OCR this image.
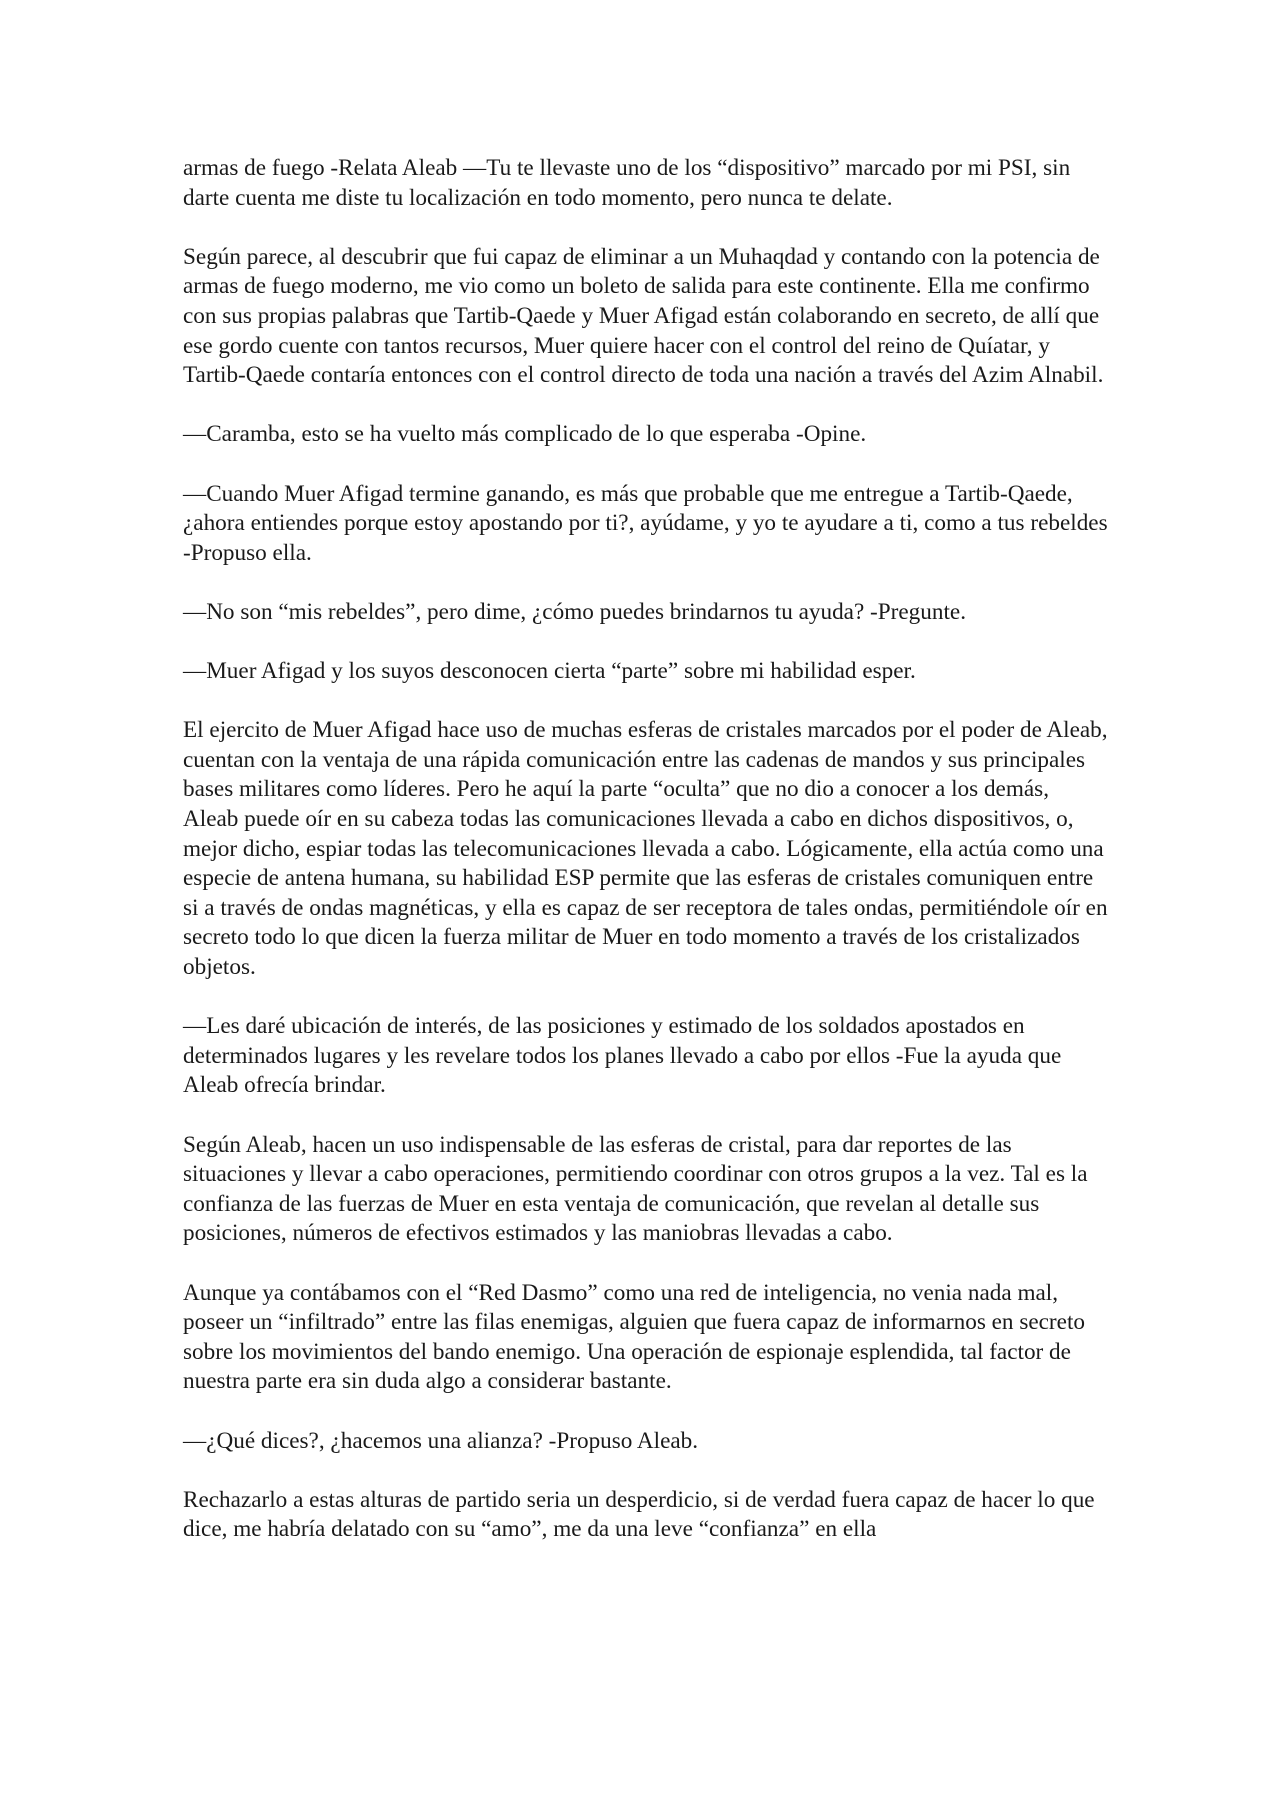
armas de fuego -Relata Aleab —Tu te llevaste uno de los “dispositivo” marcado por mi PSI, sin darte cuenta me diste tu localización en todo momento, pero nunca te delate.

Según parece, al descubrir que fui capaz de eliminar a un Muhaqdad y contando con la potencia de armas de fuego moderno, me vio como un boleto de salida para este continente. Ella me confirmo con sus propias palabras que Tartib-Qaede y Muer Afigad están colaborando en secreto, de allí que ese gordo cuente con tantos recursos, Muer quiere hacer con el control del reino de Quíatar, y Tartib-Qaede contaría entonces con el control directo de toda una nación a través del Azim Alnabil.

—Caramba, esto se ha vuelto más complicado de lo que esperaba -Opine.

—Cuando Muer Afigad termine ganando, es más que probable que me entregue a Tartib-Qaede, ¿ahora entiendes porque estoy apostando por ti?, ayúdame, y yo te ayudare a ti, como a tus rebeldes -Propuso ella.

—No son “mis rebeldes”, pero dime, ¿cómo puedes brindarnos tu ayuda? -Pregunte.

—Muer Afigad y los suyos desconocen cierta “parte” sobre mi habilidad esper.

El ejercito de Muer Afigad hace uso de muchas esferas de cristales marcados por el poder de Aleab, cuentan con la ventaja de una rápida comunicación entre las cadenas de mandos y sus principales bases militares como líderes. Pero he aquí la parte “oculta” que no dio a conocer a los demás, Aleab puede oír en su cabeza todas las comunicaciones llevada a cabo en dichos dispositivos, o, mejor dicho, espiar todas las telecomunicaciones llevada a cabo. Lógicamente, ella actúa como una especie de antena humana, su habilidad ESP permite que las esferas de cristales comuniquen entre si a través de ondas magnéticas, y ella es capaz de ser receptora de tales ondas, permitiéndole oír en secreto todo lo que dicen la fuerza militar de Muer en todo momento a través de los cristalizados objetos.

—Les daré ubicación de interés, de las posiciones y estimado de los soldados apostados en determinados lugares y les revelare todos los planes llevado a cabo por ellos -Fue la ayuda que Aleab ofrecía brindar.

Según Aleab, hacen un uso indispensable de las esferas de cristal, para dar reportes de las situaciones y llevar a cabo operaciones, permitiendo coordinar con otros grupos a la vez. Tal es la confianza de las fuerzas de Muer en esta ventaja de comunicación, que revelan al detalle sus posiciones, números de efectivos estimados y las maniobras llevadas a cabo.

Aunque ya contábamos con el “Red Dasmo” como una red de inteligencia, no venia nada mal, poseer un “infiltrado” entre las filas enemigas, alguien que fuera capaz de informarnos en secreto sobre los movimientos del bando enemigo. Una operación de espionaje esplendida, tal factor de nuestra parte era sin duda algo a considerar bastante.

—¿Qué dices?, ¿hacemos una alianza? -Propuso Aleab.

Rechazarlo a estas alturas de partido seria un desperdicio, si de verdad fuera capaz de hacer lo que dice, me habría delatado con su “amo”, me da una leve “confianza” en ella
